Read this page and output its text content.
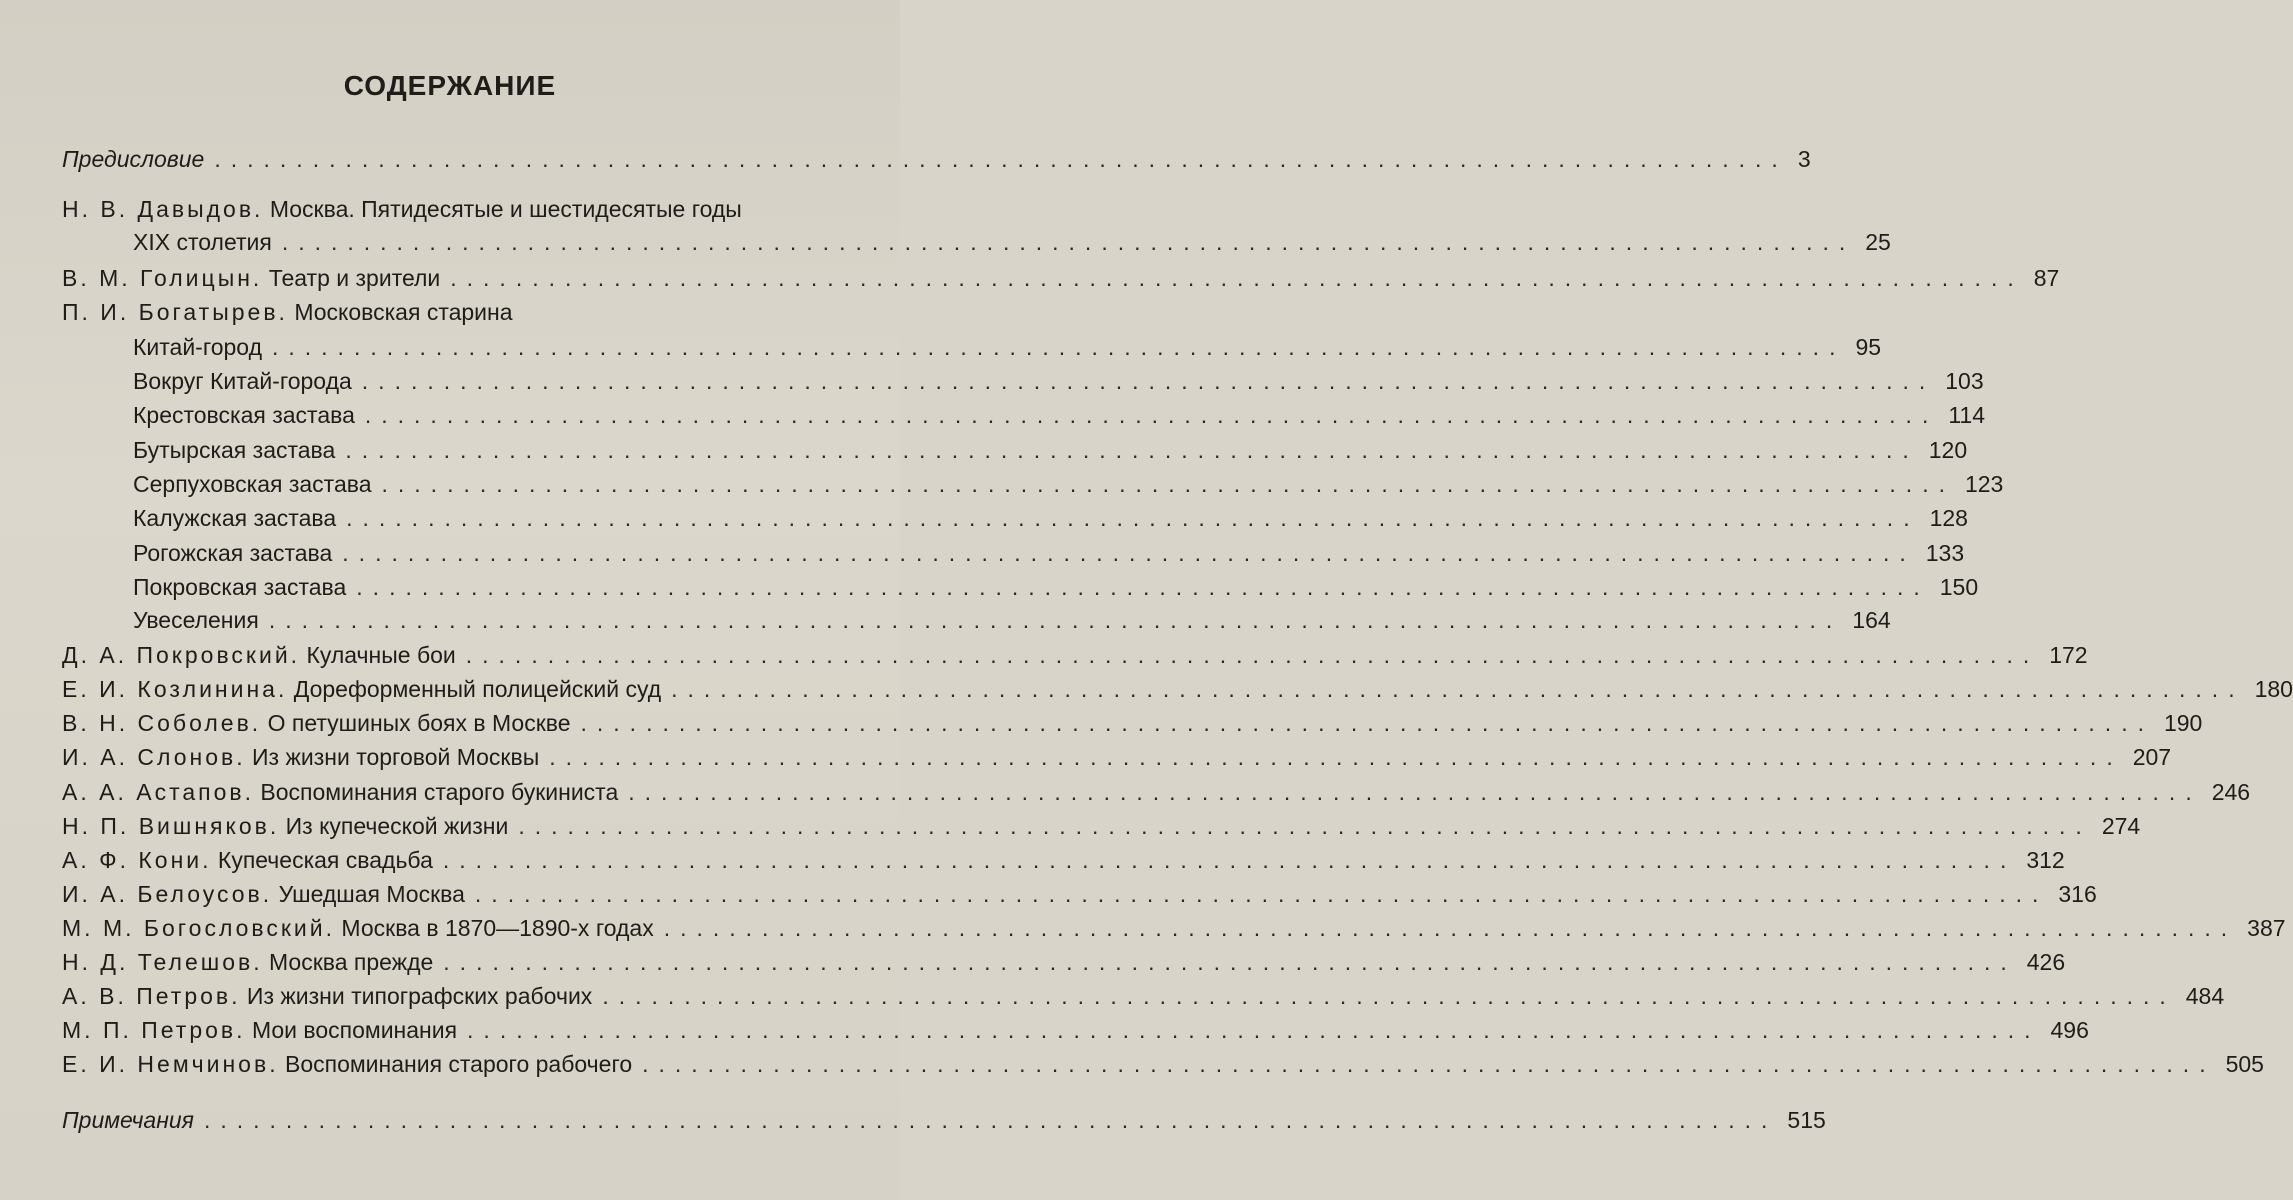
СОДЕРЖАНИЕ
Предисловие ................................................................................................ 3
Н. В. Давыдов.
Москва. Пятидесятые и шестидесятые годы
XIX столетия ................................................................................................ 25
В. М. Голицын.
Театр и зрители ................................................................................................ 87
П. И. Богатырев.
Московская старина
Китай-город ................................................................................................ 95
Вокруг Китай-города ................................................................................................ 103
Крестовская застава ................................................................................................ 114
Бутырская застава ................................................................................................ 120
Серпуховская застава ................................................................................................ 123
Калужская застава ................................................................................................ 128
Рогожская застава ................................................................................................ 133
Покровская застава ................................................................................................ 150
Увеселения ................................................................................................ 164
Д. А. Покровский.
Кулачные бои ................................................................................................ 172
Е. И. Козлинина.
Дореформенный полицейский суд ................................................................................................ 180
В. Н. Соболев.
О петушиных боях в Москве ................................................................................................ 190
И. А. Слонов.
Из жизни торговой Москвы ................................................................................................ 207
А. А. Астапов.
Воспоминания старого букиниста ................................................................................................ 246
Н. П. Вишняков.
Из купеческой жизни ................................................................................................ 274
А. Ф. Кони.
Купеческая свадьба ................................................................................................ 312
И. А. Белоусов.
Ушедшая Москва ................................................................................................ 316
М. М. Богословский.
Москва в 1870—1890-х годах ................................................................................................ 387
Н. Д. Телешов.
Москва прежде ................................................................................................ 426
А. В. Петров.
Из жизни типографских рабочих ................................................................................................ 484
М. П. Петров.
Мои воспоминания ................................................................................................ 496
Е. И. Немчинов.
Воспоминания старого рабочего ................................................................................................ 505
Примечания ................................................................................................ 515
